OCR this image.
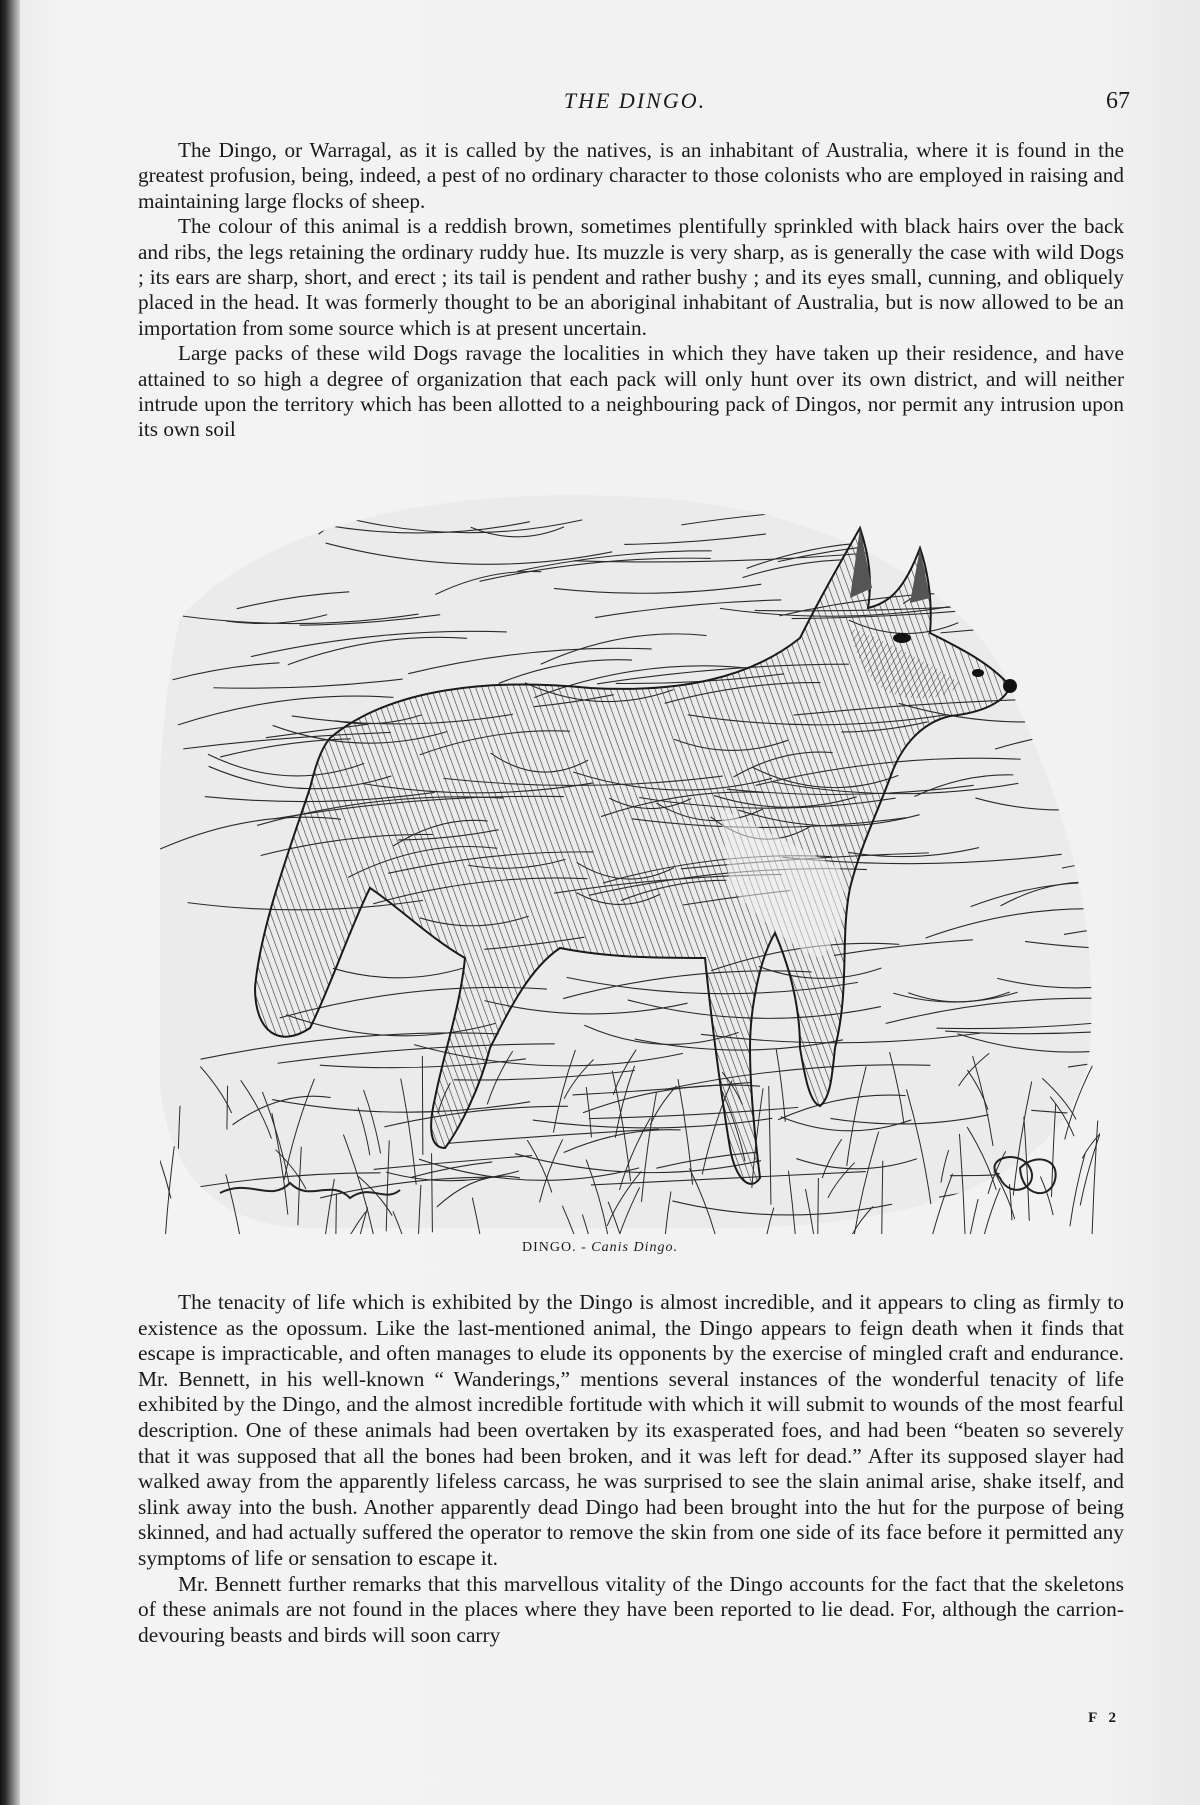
THE DINGO.	67

The Dingo, or Warragal, as it is called by the natives, is an inhabitant of Australia, where it is found in the greatest profusion, being, indeed, a pest of no ordinary character to those colonists who are employed in raising and maintaining large flocks of sheep.

The colour of this animal is a reddish brown, sometimes plentifully sprinkled with black hairs over the back and ribs, the legs retaining the ordinary ruddy hue. Its muzzle is very sharp, as is generally the case with wild Dogs ; its ears are sharp, short, and erect ; its tail is pendent and rather bushy ; and its eyes small, cunning, and obliquely placed in the head. It was formerly thought to be an aboriginal inhabitant of Australia, but is now allowed to be an importation from some source which is at present uncertain.

Large packs of these wild Dogs ravage the localities in which they have taken up their residence, and have attained to so high a degree of organization that each pack will only hunt over its own district, and will neither intrude upon the territory which has been allotted to a neighbouring pack of Dingos, nor permit any intrusion upon its own soil

DINGO. - Canis Dingo.

The tenacity of life which is exhibited by the Dingo is almost incredible, and it appears to cling as firmly to existence as the opossum. Like the last-mentioned animal, the Dingo appears to feign death when it finds that escape is impracticable, and often manages to elude its opponents by the exercise of mingled craft and endurance. Mr. Bennett, in his well-known “ Wanderings,” mentions several instances of the wonderful tenacity of life exhibited by the Dingo, and the almost incredible fortitude with which it will submit to wounds of the most fearful description. One of these animals had been overtaken by its exasperated foes, and had been “beaten so severely that it was supposed that all the bones had been broken, and it was left for dead.” After its supposed slayer had walked away from the apparently lifeless carcass, he was surprised to see the slain animal arise, shake itself, and slink away into the bush. Another apparently dead Dingo had been brought into the hut for the purpose of being skinned, and had actually suffered the operator to remove the skin from one side of its face before it permitted any symptoms of life or sensation to escape it.

Mr. Bennett further remarks that this marvellous vitality of the Dingo accounts for the fact that the skeletons of these animals are not found in the places where they have been reported to lie dead. For, although the carrion-devouring beasts and birds will soon carry

F 2
